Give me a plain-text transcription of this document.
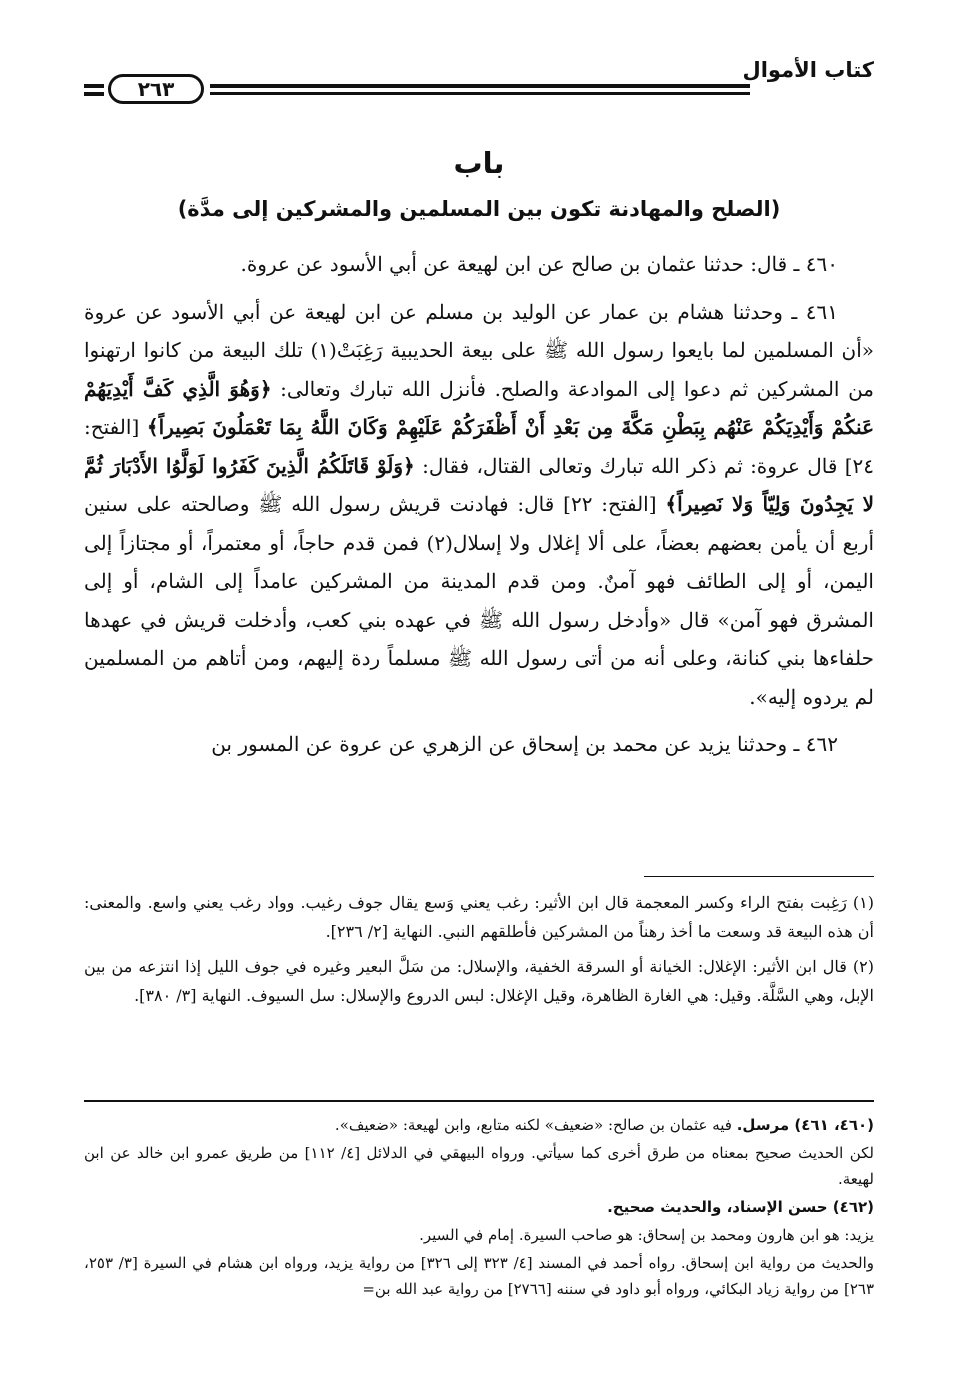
كتاب الأموال
٢٦٣
باب
(الصلح والمهادنة تكون بين المسلمين والمشركين إلى مدَّة)

٤٦٠ ـ قال: حدثنا عثمان بن صالح عن ابن لهيعة عن أبي الأسود عن عروة.

٤٦١ ـ وحدثنا هشام بن عمار عن الوليد بن مسلم عن ابن لهيعة عن أبي الأسود عن عروة «أن المسلمين لما بايعوا رسول الله ﷺ على بيعة الحديبية رَغِبَتْ(١) تلك البيعة من كانوا ارتهنوا من المشركين ثم دعوا إلى الموادعة والصلح. فأنزل الله تبارك وتعالى: ﴿وَهُوَ الَّذِي كَفَّ أَيْدِيَهُمْ عَنكُمْ وَأَيْدِيَكُمْ عَنْهُم بِبَطْنِ مَكَّةَ مِن بَعْدِ أَنْ أَظْفَرَكُمْ عَلَيْهِمْ وَكَانَ اللَّهُ بِمَا تَعْمَلُونَ بَصِيراً﴾ [الفتح: ٢٤] قال عروة: ثم ذكر الله تبارك وتعالى القتال، فقال: ﴿وَلَوْ قَاتَلَكُمُ الَّذِينَ كَفَرُوا لَوَلَّوُا الأَدْبَارَ ثُمَّ لا يَجِدُونَ وَلِيّاً وَلا نَصِيراً﴾ [الفتح: ٢٢] قال: فهادنت قريش رسول الله ﷺ وصالحته على سنين أربع أن يأمن بعضهم بعضاً، على ألا إغلال ولا إسلال(٢) فمن قدم حاجاً، أو معتمراً، أو مجتازاً إلى اليمن، أو إلى الطائف فهو آمنٌ. ومن قدم المدينة من المشركين عامداً إلى الشام، أو إلى المشرق فهو آمن» قال «وأدخل رسول الله ﷺ في عهده بني كعب، وأدخلت قريش في عهدها حلفاءها بني كنانة، وعلى أنه من أتى رسول الله ﷺ مسلماً ردة إليهم، ومن أتاهم من المسلمين لم يردوه إليه».

٤٦٢ ـ وحدثنا يزيد عن محمد بن إسحاق عن الزهري عن عروة عن المسور بن

(١) رَغِبت بفتح الراء وكسر المعجمة قال ابن الأثير: رغب يعني وَسع يقال جوف رغيب. وواد رغب يعني واسع. والمعنى: أن هذه البيعة قد وسعت ما أخذ رهناً من المشركين فأطلقهم النبي. النهاية [٢/ ٢٣٦].

(٢) قال ابن الأثير: الإغلال: الخيانة أو السرقة الخفية، والإسلال: من سَلَّ البعير وغيره في جوف الليل إذا انتزعه من بين الإبل، وهي السَّلَّة. وقيل: هي الغارة الظاهرة، وقيل الإغلال: لبس الدروع والإسلال: سل السيوف. النهاية [٣/ ٣٨٠].

(٤٦٠، ٤٦١) مرسل. فيه عثمان بن صالح: «ضعيف» لكنه متابع، وابن لهيعة: «ضعيف».

لكن الحديث صحيح بمعناه من طرق أخرى كما سيأتي. ورواه البيهقي في الدلائل [٤/ ١١٢] من طريق عمرو ابن خالد عن ابن لهيعة.

(٤٦٢) حسن الإسناد، والحديث صحيح.

يزيد: هو ابن هارون ومحمد بن إسحاق: هو صاحب السيرة. إمام في السير.

والحديث من رواية ابن إسحاق. رواه أحمد في المسند [٤/ ٣٢٣ إلى ٣٢٦] من رواية يزيد، ورواه ابن هشام في السيرة [٣/ ٢٥٣، ٢٦٣] من رواية زياد البكائي، ورواه أبو داود في سننه [٢٧٦٦] من رواية عبد الله بن=
